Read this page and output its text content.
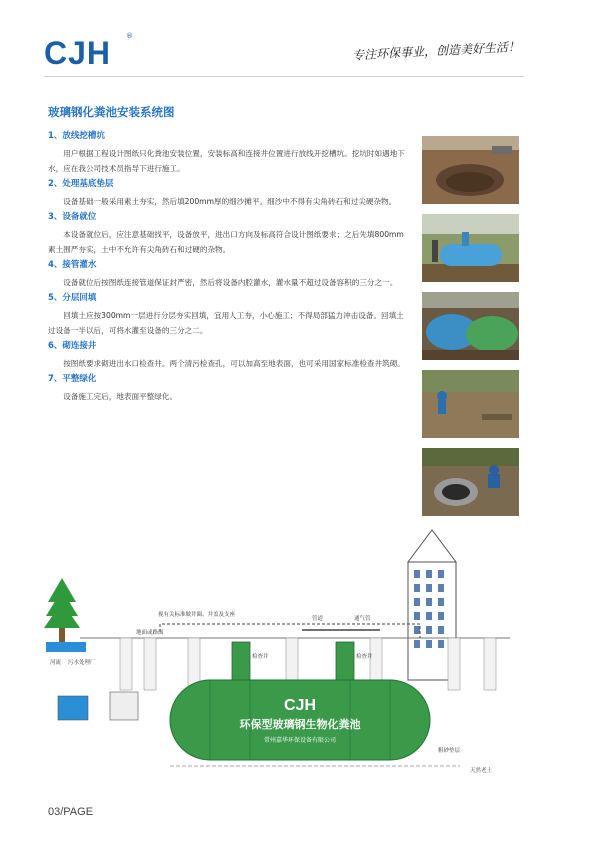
CJH	®
专注环保事业，创造美好生活！
玻璃钢化粪池安装系统图
1、放线挖槽坑
用户根据工程设计图纸只化粪池安装位置，安装标高和连接井位置进行放线开挖槽坑。挖坑时如遇地下水，应在我公司技术员指导下进行施工。
2、处理基底垫层
设备基础一般采用素土夯实，然后填200mm厚的细沙摊平。细沙中不得有尖角砖石和过尖硬杂物。
3、设备就位
本设备就位后，应注意基础找平，设备放平，进出口方向及标高符合设计图纸要求；之后先填800mm素土围严夯实，土中不允许有尖角砖石和过硬的杂物。
4、接管灌水
设备就位后按图纸连接管道保证封严密，然后将设备内腔灌水，灌水量不超过设备容积的三分之一。
5、分层回填
回填土应按300mm一层进行分层夯实回填，宜用人工夯，小心施工；不得局部猛力冲击设备。回填土过设备一半以后，可将水灌至设备的三分之二。
6、砌连接井
按图纸要求砌进出水口检查井。两个清污检查孔，可以加高至地表面，也可采用国家标准检查井筑砌。
7、平整绿化
设备施工完后，地表面平整绿化。
河流 污水处理厂
地面或路面
视有关标准做井圈、井盖及支座
管道	通气管
检查井	检查井
CJH
环保型玻璃钢生物化粪池
常州嘉华环保设备有限公司
粗砂垫层
天然老土
03/PAGE
